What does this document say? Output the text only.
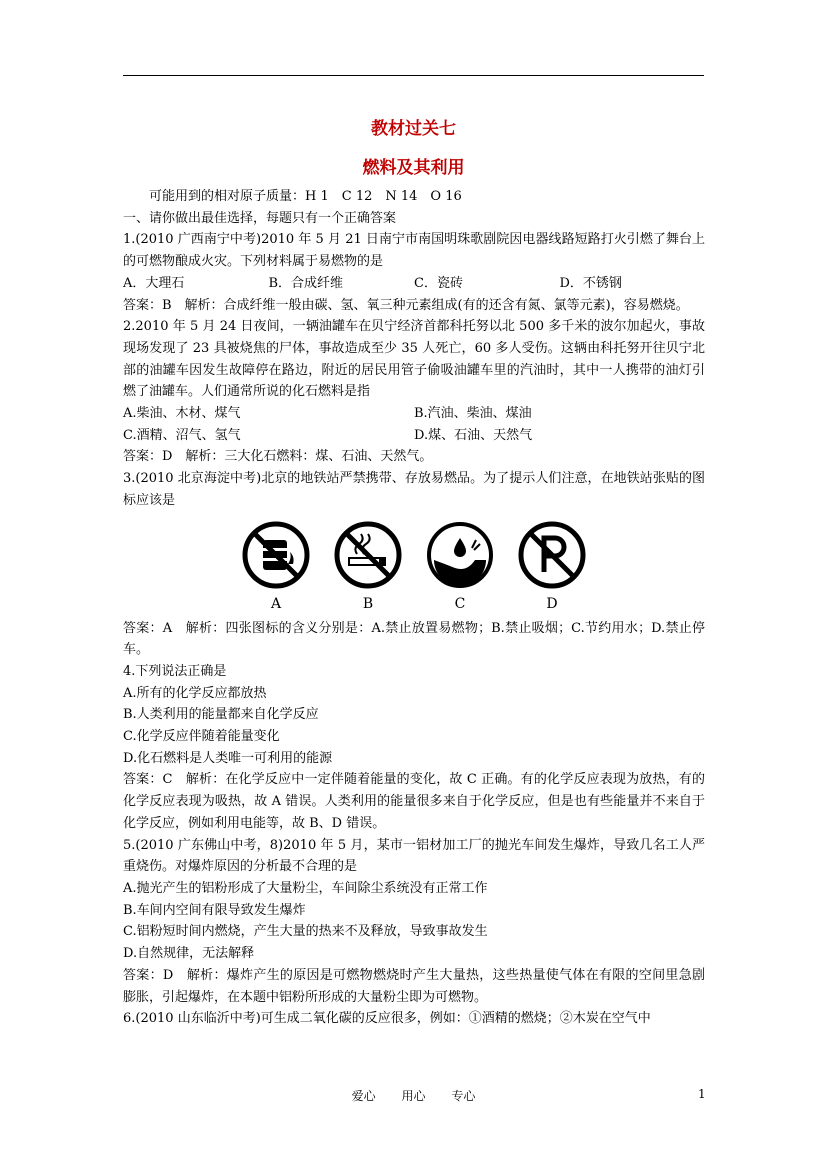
教材过关七
燃料及其利用

可能用到的相对原子质量：H 1　C 12　N 14　O 16

一、请你做出最佳选择，每题只有一个正确答案

1.(2010 广西南宁中考)2010 年 5 月 21 日南宁市南国明珠歌剧院因电器线路短路打火引燃了舞台上的可燃物酿成火灾。下列材料属于易燃物的是

A．大理石	B．合成纤维	C．瓷砖	D．不锈钢

答案：B　解析：合成纤维一般由碳、氢、氧三种元素组成(有的还含有氮、氯等元素)，容易燃烧。

2.2010 年 5 月 24 日夜间，一辆油罐车在贝宁经济首都科托努以北 500 多千米的波尔加起火，事故现场发现了 23 具被烧焦的尸体，事故造成至少 35 人死亡，60 多人受伤。这辆由科托努开往贝宁北部的油罐车因发生故障停在路边，附近的居民用管子偷吸油罐车里的汽油时，其中一人携带的油灯引燃了油罐车。人们通常所说的化石燃料是指

A.柴油、木材、煤气	B.汽油、柴油、煤油
C.酒精、沼气、氢气	D.煤、石油、天然气

答案：D　解析：三大化石燃料：煤、石油、天然气。

3.(2010 北京海淀中考)北京的地铁站严禁携带、存放易燃品。为了提示人们注意，在地铁站张贴的图标应该是

A	B	C	D

答案：A　解析：四张图标的含义分别是：A.禁止放置易燃物；B.禁止吸烟；C.节约用水；D.禁止停车。

4.下列说法正确是

A.所有的化学反应都放热

B.人类利用的能量都来自化学反应

C.化学反应伴随着能量变化

D.化石燃料是人类唯一可利用的能源

答案：C　解析：在化学反应中一定伴随着能量的变化，故 C 正确。有的化学反应表现为放热，有的化学反应表现为吸热，故 A 错误。人类利用的能量很多来自于化学反应，但是也有些能量并不来自于化学反应，例如利用电能等，故 B、D 错误。

5.(2010 广东佛山中考，8)2010 年 5 月，某市一铝材加工厂的抛光车间发生爆炸，导致几名工人严重烧伤。对爆炸原因的分析最不合理的是

A.抛光产生的铝粉形成了大量粉尘，车间除尘系统没有正常工作

B.车间内空间有限导致发生爆炸

C.铝粉短时间内燃烧，产生大量的热来不及释放，导致事故发生

D.自然规律，无法解释

答案：D　解析：爆炸产生的原因是可燃物燃烧时产生大量热，这些热量使气体在有限的空间里急剧膨胀，引起爆炸，在本题中铝粉所形成的大量粉尘即为可燃物。

6.(2010 山东临沂中考)可生成二氧化碳的反应很多，例如：①酒精的燃烧；②木炭在空气中

爱心 用心 专心	1
